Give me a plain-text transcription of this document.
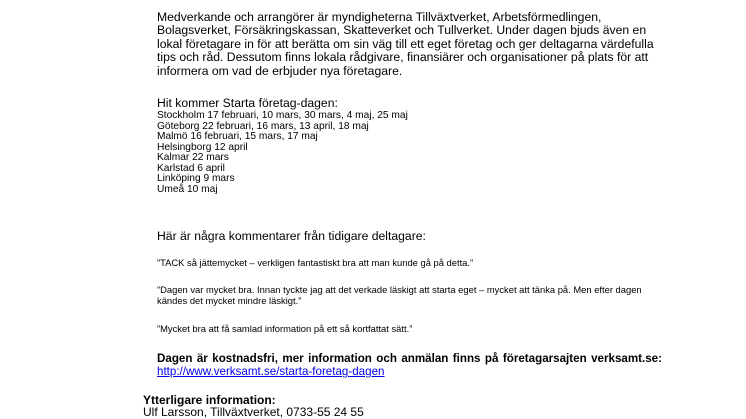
Medverkande och arrangörer är myndigheterna Tillväxtverket, Arbetsförmedlingen, Bolagsverket, Försäkringskassan, Skatteverket och Tullverket. Under dagen bjuds även en lokal företagare in för att berätta om sin väg till ett eget företag och ger deltagarna värdefulla tips och råd. Dessutom finns lokala rådgivare, finansiärer och organisationer på plats för att informera om vad de erbjuder nya företagare.

Hit kommer Starta företag-dagen:

Stockholm 17 februari, 10 mars, 30 mars, 4 maj, 25 maj
Göteborg 22 februari, 16 mars, 13 april, 18 maj
Malmö 16 februari, 15 mars, 17 maj
Helsingborg 12 april
Kalmar 22 mars
Karlstad 6 april
Linköping 9 mars
Umeå 10 maj

Här är några kommentarer från tidigare deltagare:

”TACK så jättemycket – verkligen fantastiskt bra att man kunde gå på detta.”

”Dagen var mycket bra. Innan tyckte jag att det verkade läskigt att starta eget – mycket att tänka på. Men efter dagen kändes det mycket mindre läskigt.”

”Mycket bra att få samlad information på ett så kortfattat sätt.”

Dagen är kostnadsfri, mer information och anmälan finns på företagarsajten verksamt.se: http://www.verksamt.se/starta-foretag-dagen

Ytterligare information:

Ulf Larsson, Tillväxtverket, 0733-55 24 55
